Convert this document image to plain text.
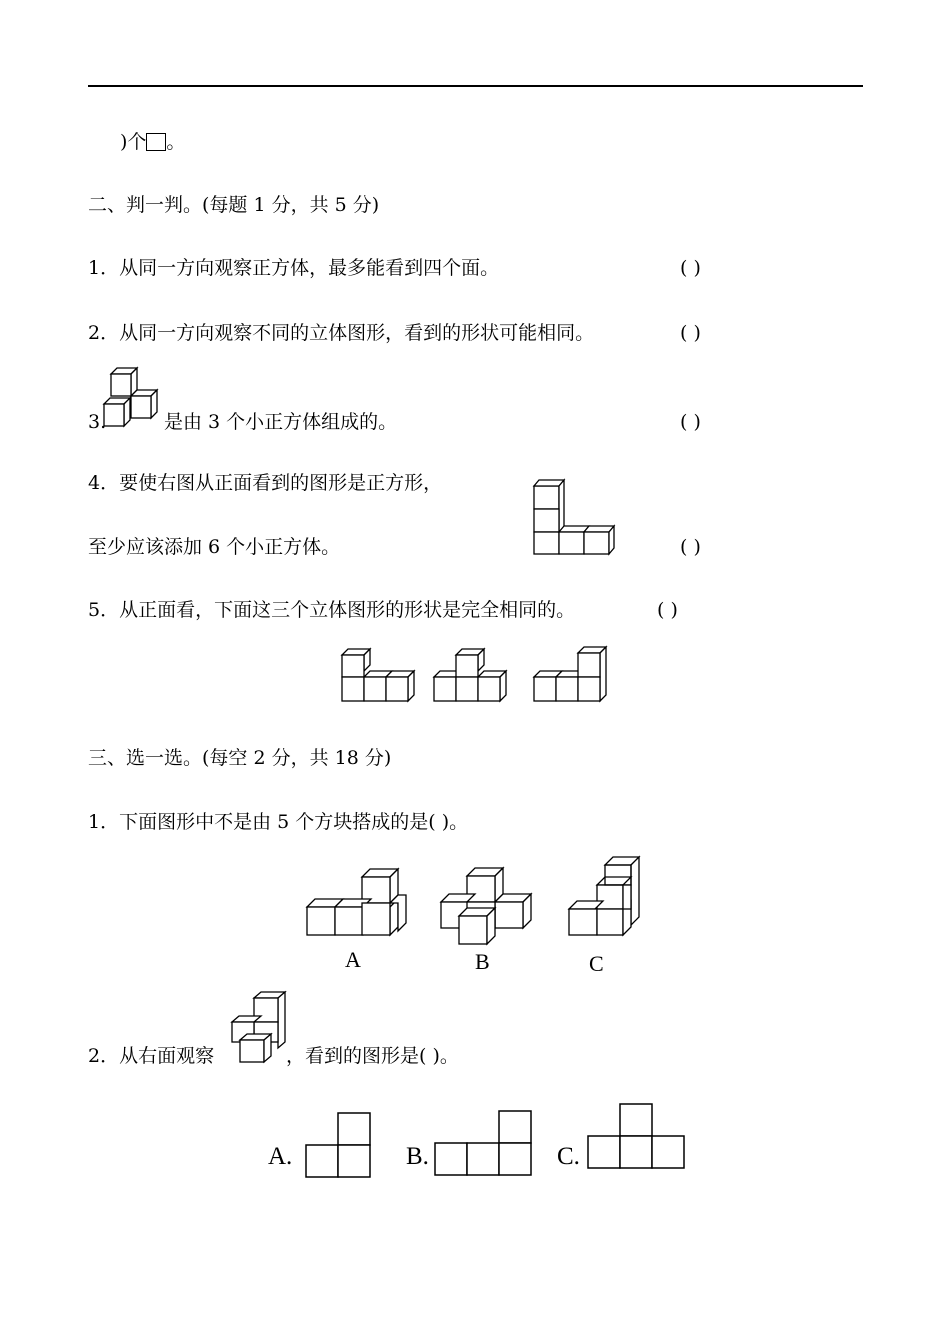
)个 。
二、判一判。(每题 1 分，共 5 分)
1．从同一方向观察正方体，最多能看到四个面。	( )
2．从同一方向观察不同的立体图形，看到的形状可能相同。	( )
3.	是由 3 个小正方体组成的。	( )
4．要使右图从正面看到的图形是正方形，
至少应该添加 6 个小正方体。	( )
5．从正面看，下面这三个立体图形的形状是完全相同的。	( )
三、选一选。(每空 2 分，共 18 分)
1．下面图形中不是由 5 个方块搭成的是( )。
A	B	C
2．从右面观察	，看到的图形是( )。
A.	B.	C.
